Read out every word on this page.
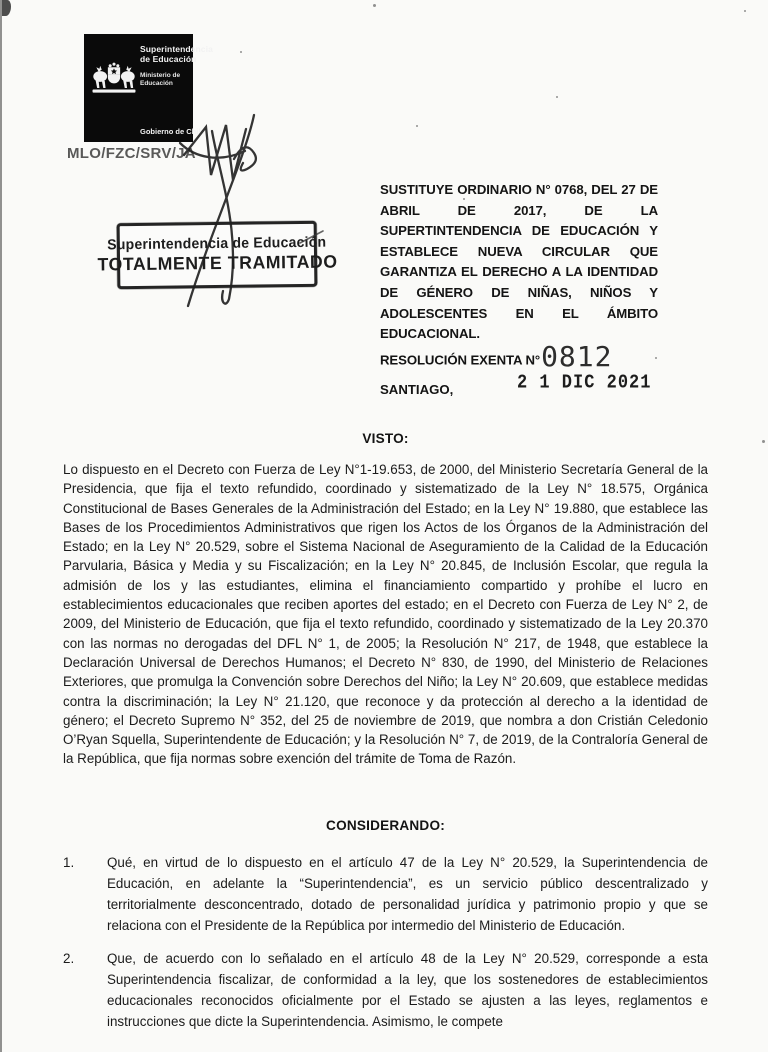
Superintendencia
de Educación
Ministerio de
Educación
Gobierno de Chile
MLO/FZC/SRV/JA
Superintendencia de Educación
TOTALMENTE TRAMITADO
SUSTITUYE ORDINARIO N° 0768, DEL 27 DE ABRIL DE 2017, DE LA SUPERTINTENDENCIA DE EDUCACIÓN Y ESTABLECE NUEVA CIRCULAR QUE GARANTIZA EL DERECHO A LA IDENTIDAD DE GÉNERO DE NIÑAS, NIÑOS Y ADOLESCENTES EN EL ÁMBITO EDUCACIONAL.
RESOLUCIÓN EXENTA N°0812
SANTIAGO,	2 1 DIC 2021
VISTO:
Lo dispuesto en el Decreto con Fuerza de Ley N°1-19.653, de 2000, del Ministerio Secretaría General de la Presidencia, que fija el texto refundido, coordinado y sistematizado de la Ley N° 18.575, Orgánica Constitucional de Bases Generales de la Administración del Estado; en la Ley N° 19.880, que establece las Bases de los Procedimientos Administrativos que rigen los Actos de los Órganos de la Administración del Estado; en la Ley N° 20.529, sobre el Sistema Nacional de Aseguramiento de la Calidad de la Educación Parvularia, Básica y Media y su Fiscalización; en la Ley N° 20.845, de Inclusión Escolar, que regula la admisión de los y las estudiantes, elimina el financiamiento compartido y prohíbe el lucro en establecimientos educacionales que reciben aportes del estado; en el Decreto con Fuerza de Ley N° 2, de 2009, del Ministerio de Educación, que fija el texto refundido, coordinado y sistematizado de la Ley 20.370 con las normas no derogadas del DFL N° 1, de 2005; la Resolución N° 217, de 1948, que establece la Declaración Universal de Derechos Humanos; el Decreto N° 830, de 1990, del Ministerio de Relaciones Exteriores, que promulga la Convención sobre Derechos del Niño; la Ley N° 20.609, que establece medidas contra la discriminación; la Ley N° 21.120, que reconoce y da protección al derecho a la identidad de género; el Decreto Supremo N° 352, del 25 de noviembre de 2019, que nombra a don Cristián Celedonio O’Ryan Squella, Superintendente de Educación; y la Resolución N° 7, de 2019, de la Contraloría General de la República, que fija normas sobre exención del trámite de Toma de Razón.
CONSIDERANDO:
1.	Qué, en virtud de lo dispuesto en el artículo 47 de la Ley N° 20.529, la Superintendencia de Educación, en adelante la “Superintendencia”, es un servicio público descentralizado y territorialmente desconcentrado, dotado de personalidad jurídica y patrimonio propio y que se relaciona con el Presidente de la República por intermedio del Ministerio de Educación.
2.	Que, de acuerdo con lo señalado en el artículo 48 de la Ley N° 20.529, corresponde a esta Superintendencia fiscalizar, de conformidad a la ley, que los sostenedores de establecimientos educacionales reconocidos oficialmente por el Estado se ajusten a las leyes, reglamentos e instrucciones que dicte la Superintendencia. Asimismo, le compete
